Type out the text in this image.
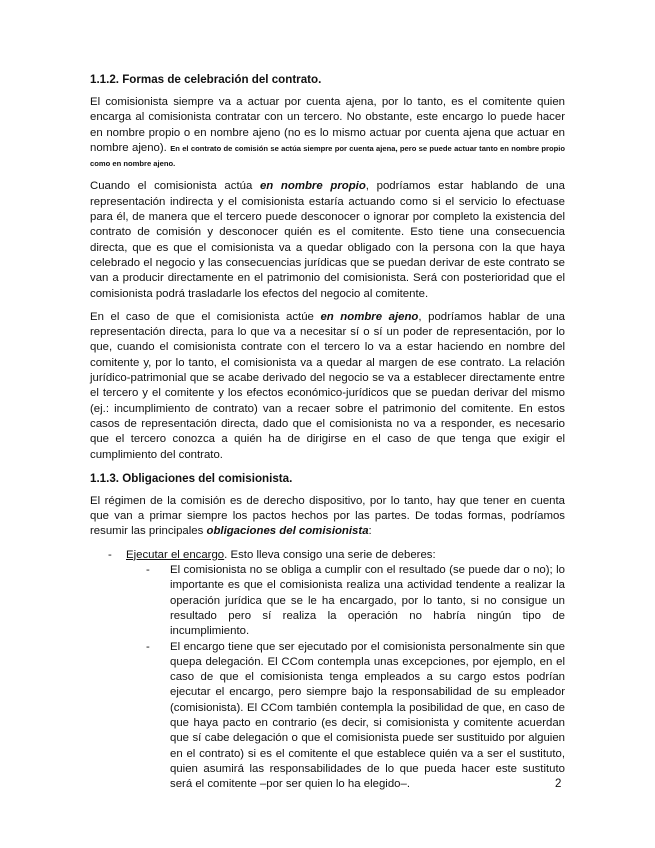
1.1.2. Formas de celebración del contrato.

El comisionista siempre va a actuar por cuenta ajena, por lo tanto, es el comitente quien encarga al comisionista contratar con un tercero. No obstante, este encargo lo puede hacer en nombre propio o en nombre ajeno (no es lo mismo actuar por cuenta ajena que actuar en nombre ajeno). En el contrato de comisión se actúa siempre por cuenta ajena, pero se puede actuar tanto en nombre propio como en nombre ajeno.

Cuando el comisionista actúa en nombre propio, podríamos estar hablando de una representación indirecta y el comisionista estaría actuando como si el servicio lo efectuase para él, de manera que el tercero puede desconocer o ignorar por completo la existencia del contrato de comisión y desconocer quién es el comitente. Esto tiene una consecuencia directa, que es que el comisionista va a quedar obligado con la persona con la que haya celebrado el negocio y las consecuencias jurídicas que se puedan derivar de este contrato se van a producir directamente en el patrimonio del comisionista. Será con posterioridad que el comisionista podrá trasladarle los efectos del negocio al comitente.

En el caso de que el comisionista actúe en nombre ajeno, podríamos hablar de una representación directa, para lo que va a necesitar sí o sí un poder de representación, por lo que, cuando el comisionista contrate con el tercero lo va a estar haciendo en nombre del comitente y, por lo tanto, el comisionista va a quedar al margen de ese contrato. La relación jurídico-patrimonial que se acabe derivado del negocio se va a establecer directamente entre el tercero y el comitente y los efectos económico-jurídicos que se puedan derivar del mismo (ej.: incumplimiento de contrato) van a recaer sobre el patrimonio del comitente. En estos casos de representación directa, dado que el comisionista no va a responder, es necesario que el tercero conozca a quién ha de dirigirse en el caso de que tenga que exigir el cumplimiento del contrato.

1.1.3. Obligaciones del comisionista.

El régimen de la comisión es de derecho dispositivo, por lo tanto, hay que tener en cuenta que van a primar siempre los pactos hechos por las partes. De todas formas, podríamos resumir las principales obligaciones del comisionista:

- Ejecutar el encargo. Esto lleva consigo una serie de deberes:
- El comisionista no se obliga a cumplir con el resultado (se puede dar o no); lo importante es que el comisionista realiza una actividad tendente a realizar la operación jurídica que se le ha encargado, por lo tanto, si no consigue un resultado pero sí realiza la operación no habría ningún tipo de incumplimiento.
- El encargo tiene que ser ejecutado por el comisionista personalmente sin que quepa delegación. El CCom contempla unas excepciones, por ejemplo, en el caso de que el comisionista tenga empleados a su cargo estos podrían ejecutar el encargo, pero siempre bajo la responsabilidad de su empleador (comisionista). El CCom también contempla la posibilidad de que, en caso de que haya pacto en contrario (es decir, si comisionista y comitente acuerdan que sí cabe delegación o que el comisionista puede ser sustituido por alguien en el contrato) si es el comitente el que establece quién va a ser el sustituto, quien asumirá las responsabilidades de lo que pueda hacer este sustituto será el comitente –por ser quien lo ha elegido–.	2
